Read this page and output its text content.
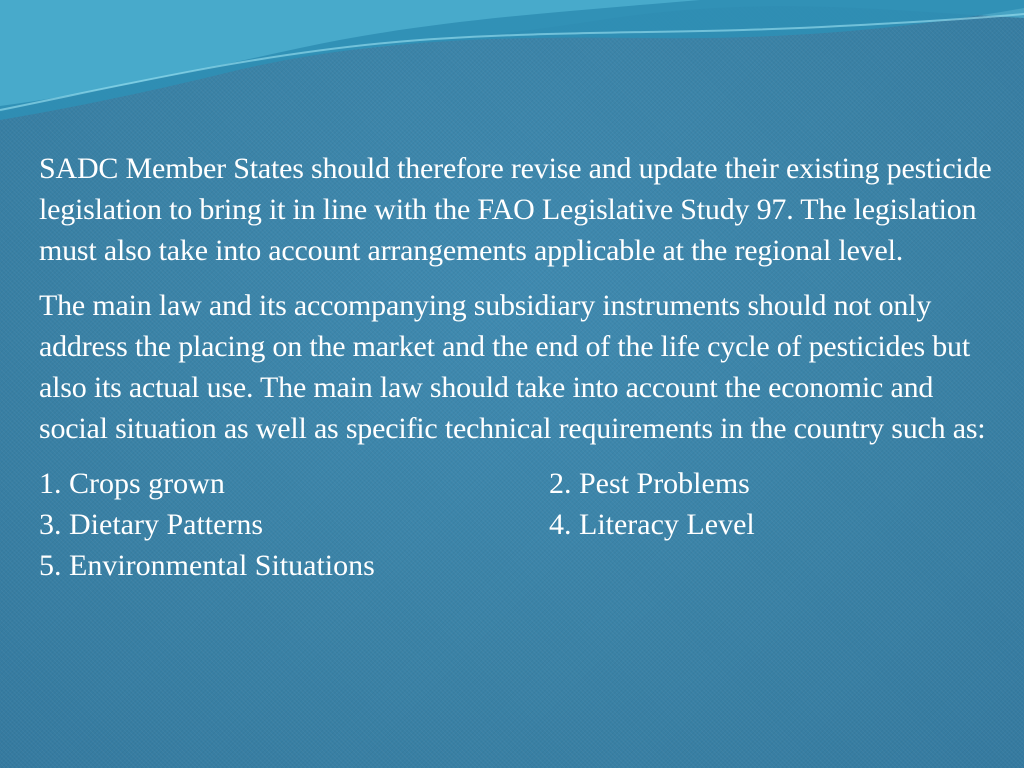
SADC Member States should therefore revise and update their existing pesticide legislation to bring it in line with the FAO Legislative Study 97. The legislation must also take into account arrangements applicable at the regional level.

The main law and its accompanying subsidiary instruments should not only address the placing on the market and the end of the life cycle of pesticides but also its actual use. The main law should take into account the economic and social situation as well as specific technical requirements in the country such as:

1. Crops grown	2. Pest Problems
3. Dietary Patterns	4. Literacy Level
5. Environmental Situations
